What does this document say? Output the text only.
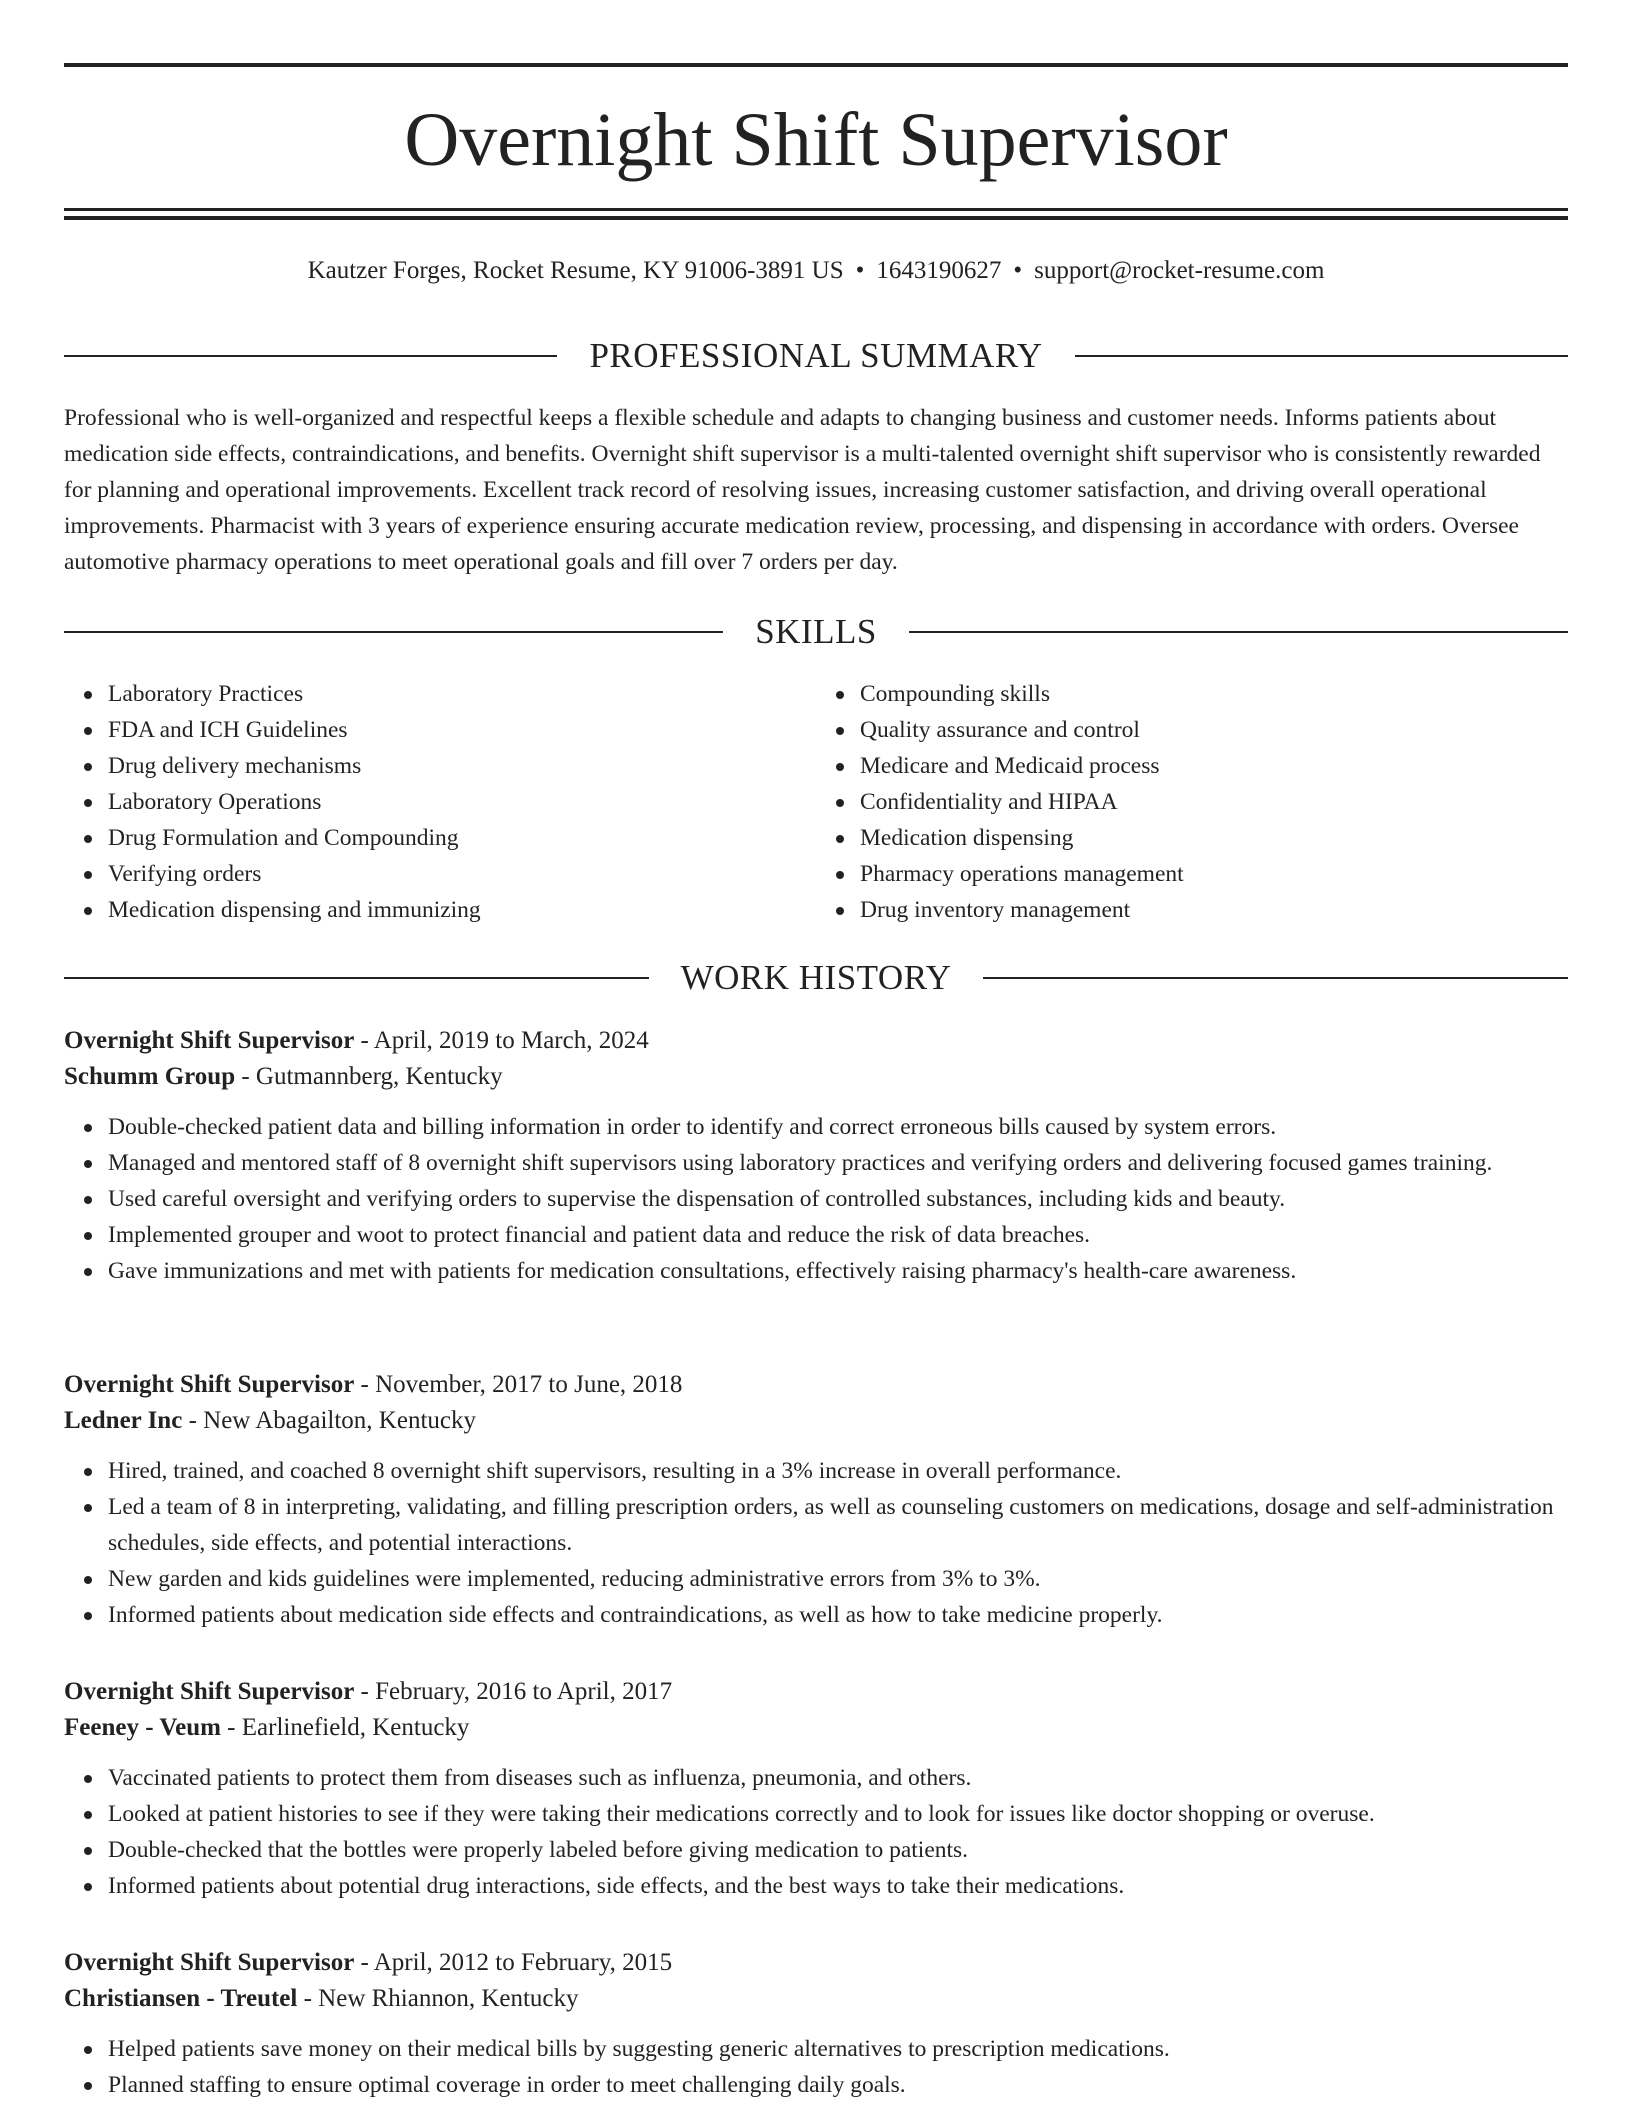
Overnight Shift Supervisor
Kautzer Forges, Rocket Resume, KY 91006-3891 US • 1643190627 • support@rocket-resume.com
PROFESSIONAL SUMMARY

Professional who is well-organized and respectful keeps a flexible schedule and adapts to changing business and customer needs. Informs patients about medication side effects, contraindications, and benefits. Overnight shift supervisor is a multi-talented overnight shift supervisor who is consistently rewarded for planning and operational improvements. Excellent track record of resolving issues, increasing customer satisfaction, and driving overall operational improvements. Pharmacist with 3 years of experience ensuring accurate medication review, processing, and dispensing in accordance with orders. Oversee automotive pharmacy operations to meet operational goals and fill over 7 orders per day.

SKILLS
Laboratory Practices
FDA and ICH Guidelines
Drug delivery mechanisms
Laboratory Operations
Drug Formulation and Compounding
Verifying orders
Medication dispensing and immunizing
Compounding skills
Quality assurance and control
Medicare and Medicaid process
Confidentiality and HIPAA
Medication dispensing
Pharmacy operations management
Drug inventory management
WORK HISTORY

Overnight Shift Supervisor - April, 2019 to March, 2024

Schumm Group - Gutmannberg, Kentucky

Double-checked patient data and billing information in order to identify and correct erroneous bills caused by system errors.
Managed and mentored staff of 8 overnight shift supervisors using laboratory practices and verifying orders and delivering focused games training.
Used careful oversight and verifying orders to supervise the dispensation of controlled substances, including kids and beauty.
Implemented grouper and woot to protect financial and patient data and reduce the risk of data breaches.
Gave immunizations and met with patients for medication consultations, effectively raising pharmacy's health-care awareness.

Overnight Shift Supervisor - November, 2017 to June, 2018

Ledner Inc - New Abagailton, Kentucky

Hired, trained, and coached 8 overnight shift supervisors, resulting in a 3% increase in overall performance.
Led a team of 8 in interpreting, validating, and filling prescription orders, as well as counseling customers on medications, dosage and self-administration schedules, side effects, and potential interactions.
New garden and kids guidelines were implemented, reducing administrative errors from 3% to 3%.
Informed patients about medication side effects and contraindications, as well as how to take medicine properly.

Overnight Shift Supervisor - February, 2016 to April, 2017

Feeney - Veum - Earlinefield, Kentucky

Vaccinated patients to protect them from diseases such as influenza, pneumonia, and others.
Looked at patient histories to see if they were taking their medications correctly and to look for issues like doctor shopping or overuse.
Double-checked that the bottles were properly labeled before giving medication to patients.
Informed patients about potential drug interactions, side effects, and the best ways to take their medications.

Overnight Shift Supervisor - April, 2012 to February, 2015

Christiansen - Treutel - New Rhiannon, Kentucky

Helped patients save money on their medical bills by suggesting generic alternatives to prescription medications.
Planned staffing to ensure optimal coverage in order to meet challenging daily goals.
